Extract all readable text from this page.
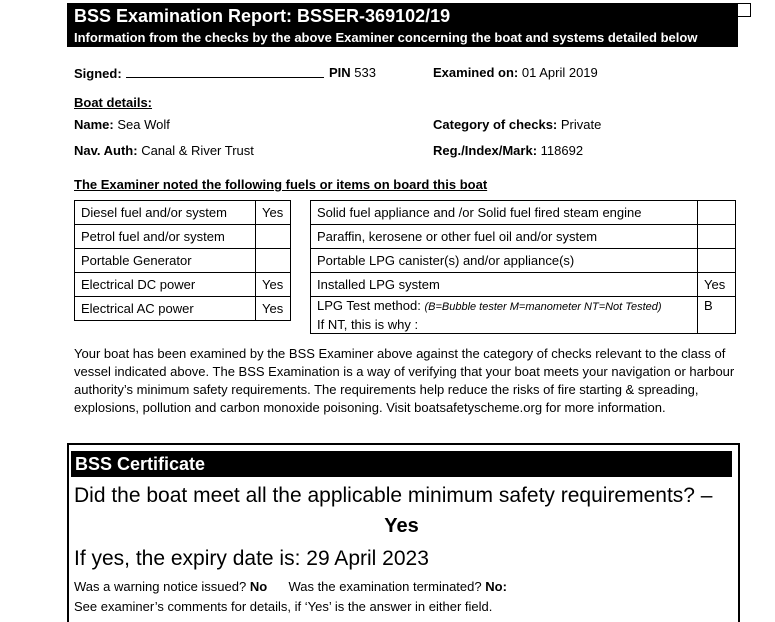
BSS Examination Report: BSSER-369102/19
Information from the checks by the above Examiner concerning the boat and systems detailed below
Signed:	PIN 533	Examined on: 01 April 2019
Boat details:
Name: Sea Wolf	Category of checks: Private
Nav. Auth: Canal & River Trust	Reg./Index/Mark: 118692
The Examiner noted the following fuels or items on board this boat
Diesel fuel and/or system	Yes
Petrol fuel and/or system	
Portable Generator	
Electrical DC power	Yes
Electrical AC power	Yes
Solid fuel appliance and /or Solid fuel fired steam engine	
Paraffin, kerosene or other fuel oil and/or system	
Portable LPG canister(s) and/or appliance(s)	
Installed LPG system	Yes
LPG Test method: (B=Bubble tester M=manometer NT=Not Tested)
If NT, this is why :	B
Your boat has been examined by the BSS Examiner above against the category of checks relevant to the class of vessel indicated above. The BSS Examination is a way of verifying that your boat meets your navigation or harbour authority’s minimum safety requirements. The requirements help reduce the risks of fire starting & spreading, explosions, pollution and carbon monoxide poisoning. Visit boatsafetyscheme.org for more information.
BSS Certificate
Did the boat meet all the applicable minimum safety requirements? –
Yes
If yes, the expiry date is: 29 April 2023
Was a warning notice issued? No Was the examination terminated? No:
See examiner’s comments for details, if ‘Yes’ is the answer in either field.
